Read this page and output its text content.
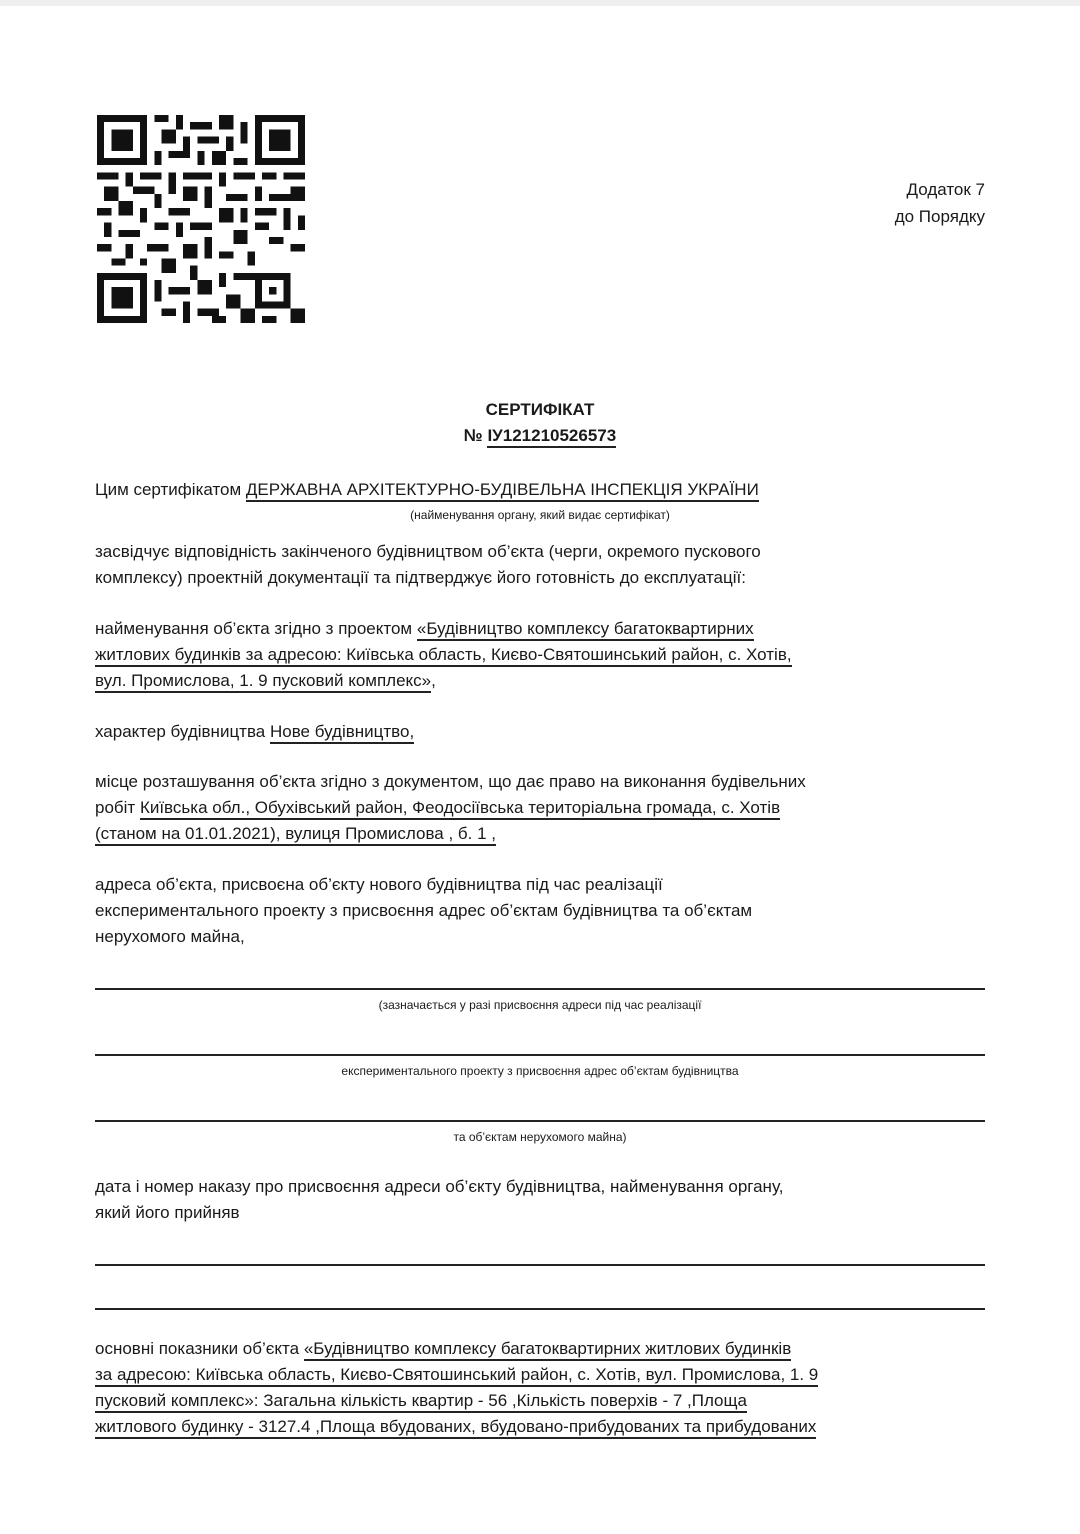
Додаток 7
до Порядку
СЕРТИФІКАТ
№ ІУ121210526573
Цим сертифікатом ДЕРЖАВНА АРХІТЕКТУРНО-БУДІВЕЛЬНА ІНСПЕКЦІЯ УКРАЇНИ
(найменування органу, який видає сертифікат)
засвідчує відповідність закінченого будівництвом об’єкта (черги, окремого пускового
комплексу) проектній документації та підтверджує його готовність до експлуатації:
найменування об’єкта згідно з проектом «Будівництво комплексу багатоквартирних
житлових будинків за адресою: Київська область, Києво-Святошинський район, с. Хотів,
вул. Промислова, 1. 9 пусковий комплекс»,
характер будівництва Нове будівництво,
місце розташування об’єкта згідно з документом, що дає право на виконання будівельних
робіт Київська обл., Обухівський район, Феодосіївська територіальна громада, с. Хотів
(станом на 01.01.2021), вулиця Промислова , б. 1 ,
адреса об’єкта, присвоєна об’єкту нового будівництва під час реалізації
експериментального проекту з присвоєння адрес об’єктам будівництва та об’єктам
нерухомого майна,
(зазначається у разі присвоєння адреси під час реалізації
експериментального проекту з присвоєння адрес об’єктам будівництва
та об’єктам нерухомого майна)
дата і номер наказу про присвоєння адреси об’єкту будівництва, найменування органу,
який його прийняв
основні показники об’єкта «Будівництво комплексу багатоквартирних житлових будинків
за адресою: Київська область, Києво-Святошинський район, с. Хотів, вул. Промислова, 1. 9
пусковий комплекс»: Загальна кількість квартир - 56 ,Кількість поверхів - 7 ,Площа
житлового будинку - 3127.4 ,Площа вбудованих, вбудовано-прибудованих та прибудованих
